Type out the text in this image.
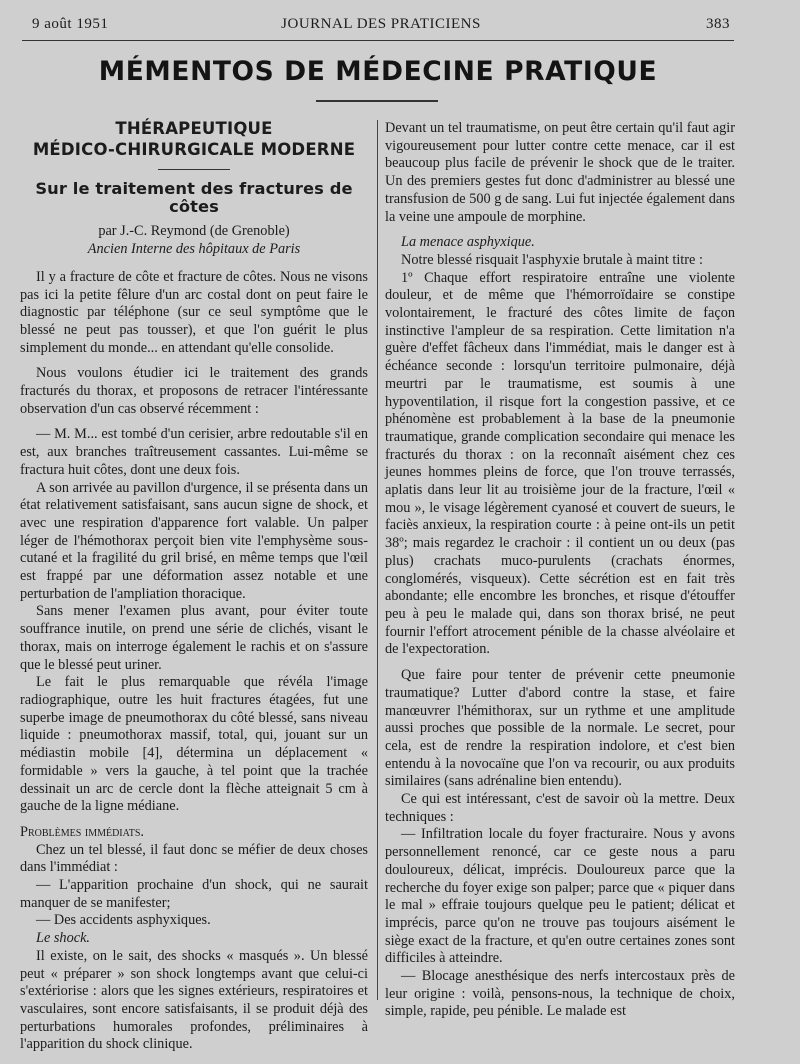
9 août 1951	JOURNAL DES PRATICIENS	383
MÉMENTOS DE MÉDECINE PRATIQUE
THÉRAPEUTIQUE
MÉDICO-CHIRURGICALE MODERNE
Sur le traitement des fractures de côtes

par J.-C. Reymond (de Grenoble)

Ancien Interne des hôpitaux de Paris

Il y a fracture de côte et fracture de côtes. Nous ne visons pas ici la petite fêlure d'un arc costal dont on peut faire le diagnostic par téléphone (sur ce seul symptôme que le blessé ne peut pas tousser), et que l'on guérit le plus simplement du monde... en attendant qu'elle consolide.

Nous voulons étudier ici le traitement des grands fracturés du thorax, et proposons de retracer l'intéressante observation d'un cas observé récemment :

— M. M... est tombé d'un cerisier, arbre redoutable s'il en est, aux branches traîtreusement cassantes. Lui-même se fractura huit côtes, dont une deux fois.

A son arrivée au pavillon d'urgence, il se présenta dans un état relativement satisfaisant, sans aucun signe de shock, et avec une respiration d'apparence fort valable. Un palper léger de l'hémothorax perçoit bien vite l'emphysème sous-cutané et la fragilité du gril brisé, en même temps que l'œil est frappé par une déformation assez notable et une perturbation de l'ampliation thoracique.

Sans mener l'examen plus avant, pour éviter toute souffrance inutile, on prend une série de clichés, visant le thorax, mais on interroge également le rachis et on s'assure que le blessé peut uriner.

Le fait le plus remarquable que révéla l'image radiographique, outre les huit fractures étagées, fut une superbe image de pneumothorax du côté blessé, sans niveau liquide : pneumothorax massif, total, qui, jouant sur un médiastin mobile [4], détermina un déplacement « formidable » vers la gauche, à tel point que la trachée dessinait un arc de cercle dont la flèche atteignait 5 cm à gauche de la ligne médiane.

Problèmes immédiats.

Chez un tel blessé, il faut donc se méfier de deux choses dans l'immédiat :

— L'apparition prochaine d'un shock, qui ne saurait manquer de se manifester;

— Des accidents asphyxiques.

Le shock.

Il existe, on le sait, des shocks « masqués ». Un blessé peut « préparer » son shock longtemps avant que celui-ci s'extériorise : alors que les signes extérieurs, respiratoires et vasculaires, sont encore satisfaisants, il se produit déjà des perturbations humorales profondes, préliminaires à l'apparition du shock clinique.

Devant un tel traumatisme, on peut être certain qu'il faut agir vigoureusement pour lutter contre cette menace, car il est beaucoup plus facile de prévenir le shock que de le traiter. Un des premiers gestes fut donc d'administrer au blessé une transfusion de 500 g de sang. Lui fut injectée également dans la veine une ampoule de morphine.

La menace asphyxique.

Notre blessé risquait l'asphyxie brutale à maint titre :

1º Chaque effort respiratoire entraîne une violente douleur, et de même que l'hémorroïdaire se constipe volontairement, le fracturé des côtes limite de façon instinctive l'ampleur de sa respiration. Cette limitation n'a guère d'effet fâcheux dans l'immédiat, mais le danger est à échéance seconde : lorsqu'un territoire pulmonaire, déjà meurtri par le traumatisme, est soumis à une hypoventilation, il risque fort la congestion passive, et ce phénomène est probablement à la base de la pneumonie traumatique, grande complication secondaire qui menace les fracturés du thorax : on la reconnaît aisément chez ces jeunes hommes pleins de force, que l'on trouve terrassés, aplatis dans leur lit au troisième jour de la fracture, l'œil « mou », le visage légèrement cyanosé et couvert de sueurs, le faciès anxieux, la respiration courte : à peine ont-ils un petit 38º; mais regardez le crachoir : il contient un ou deux (pas plus) crachats muco-purulents (crachats énormes, conglomérés, visqueux). Cette sécrétion est en fait très abondante; elle encombre les bronches, et risque d'étouffer peu à peu le malade qui, dans son thorax brisé, ne peut fournir l'effort atrocement pénible de la chasse alvéolaire et de l'expectoration.

Que faire pour tenter de prévenir cette pneumonie traumatique? Lutter d'abord contre la stase, et faire manœuvrer l'hémithorax, sur un rythme et une amplitude aussi proches que possible de la normale. Le secret, pour cela, est de rendre la respiration indolore, et c'est bien entendu à la novocaïne que l'on va recourir, ou aux produits similaires (sans adrénaline bien entendu).

Ce qui est intéressant, c'est de savoir où la mettre. Deux techniques :

— Infiltration locale du foyer fracturaire. Nous y avons personnellement renoncé, car ce geste nous a paru douloureux, délicat, imprécis. Douloureux parce que la recherche du foyer exige son palper; parce que « piquer dans le mal » effraie toujours quelque peu le patient; délicat et imprécis, parce qu'on ne trouve pas toujours aisément le siège exact de la fracture, et qu'en outre certaines zones sont difficiles à atteindre.

— Blocage anesthésique des nerfs intercostaux près de leur origine : voilà, pensons-nous, la technique de choix, simple, rapide, peu pénible. Le malade est
